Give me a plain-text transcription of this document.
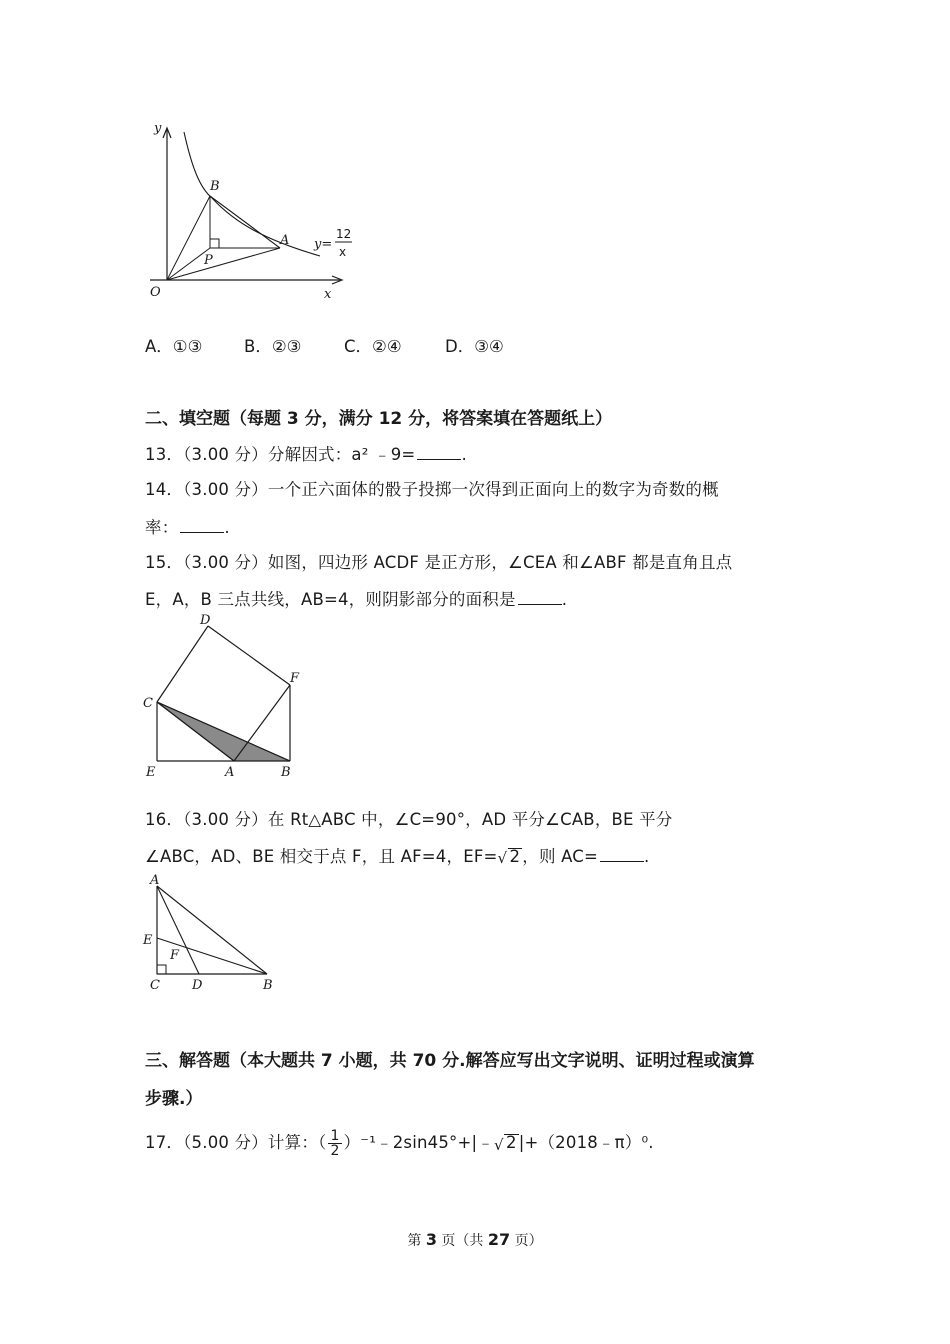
y
x
O
B
A
P
y=
12
x
A．①③	B．②③	C．②④	D．③④
二、填空题（每题 3 分，满分 12 分，将答案填在答题纸上）
13．（3.00 分）分解因式：a² ﹣9=	.
14．（3.00 分）一个正六面体的骰子投掷一次得到正面向上的数字为奇数的概
率：	.
15．（3.00 分）如图，四边形 ACDF 是正方形，∠CEA 和∠ABF 都是直角且点
E，A，B 三点共线，AB=4，则阴影部分的面积是	.
D
F
C
E	A	B
16．（3.00 分）在 Rt△ABC 中，∠C=90°，AD 平分∠CAB，BE 平分
∠ABC，AD、BE 相交于点 F，且 AF=4，EF= √ 2 ，则 AC=	.
A
E
F
C D	B
三、解答题（本大题共 7 小题，共 70 分.解答应写出文字说明、证明过程或演算
步骤.）
17．（5.00 分）计算：（ $\frac{1}{2}$ ）⁻¹﹣2sin45°+|﹣ √ 2 |+（2018﹣π）⁰.
第 3 页（共 27 页）
